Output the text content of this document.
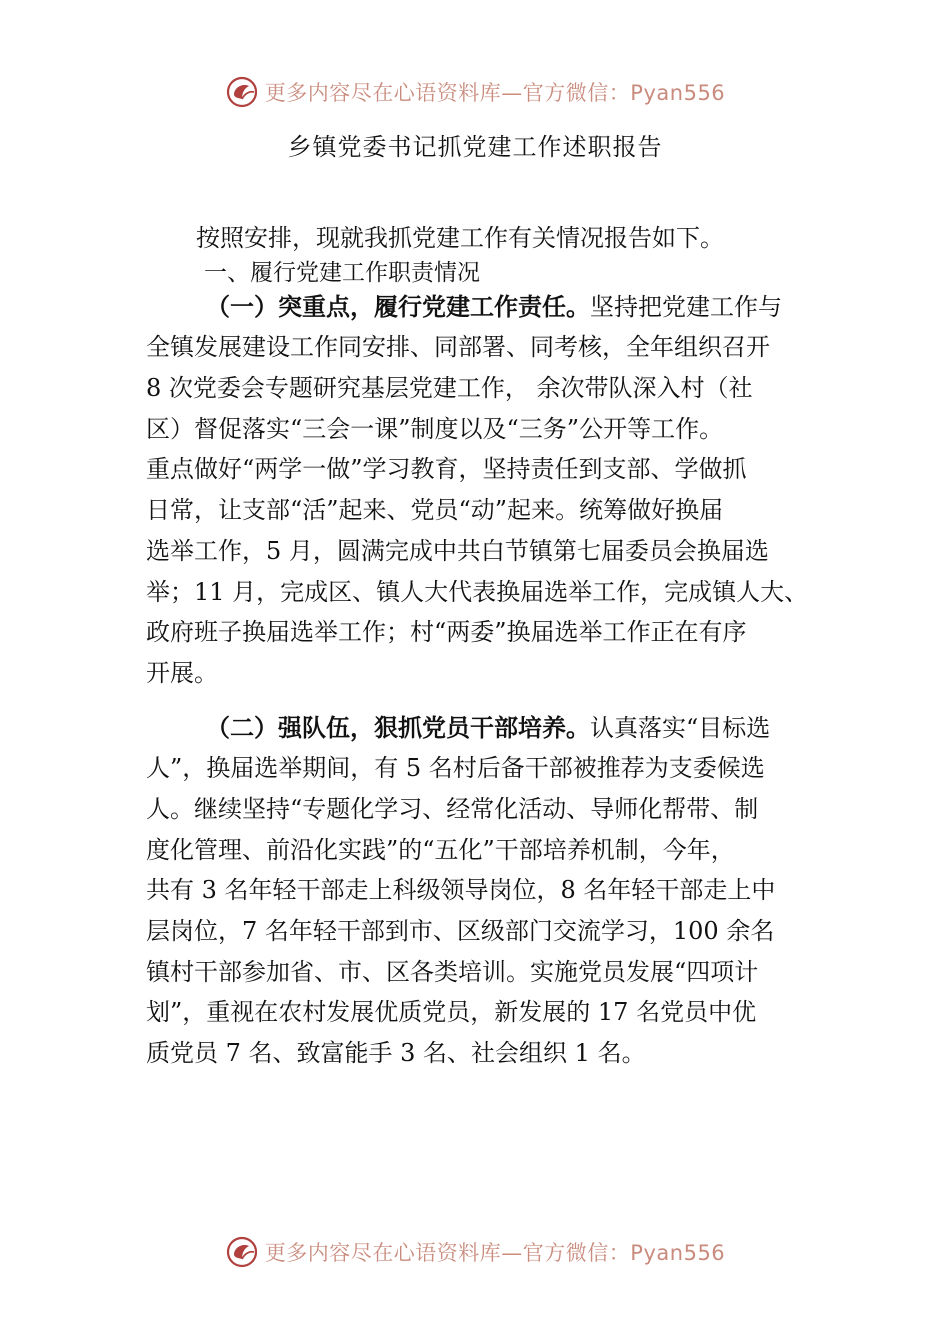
更多内容尽在心语资料库—官方微信：Pyan556
乡镇党委书记抓党建工作述职报告
按照安排，现就我抓党建工作有关情况报告如下。
一、履行党建工作职责情况
（一）突重点，履行党建工作责任。坚持把党建工作与
全镇发展建设工作同安排、同部署、同考核，全年组织召开
8 次党委会专题研究基层党建工作， 余次带队深入村（社
区）督促落实“三会一课”制度以及“三务”公开等工作。
重点做好“两学一做”学习教育，坚持责任到支部、学做抓
日常，让支部“活”起来、党员“动”起来。统筹做好换届
选举工作，5 月，圆满完成中共白节镇第七届委员会换届选
举；11 月，完成区、镇人大代表换届选举工作，完成镇人大、
政府班子换届选举工作；村“两委”换届选举工作正在有序
开展。
（二）强队伍，狠抓党员干部培养。认真落实“目标选
人”，换届选举期间，有 5 名村后备干部被推荐为支委候选
人。继续坚持“专题化学习、经常化活动、导师化帮带、制
度化管理、前沿化实践”的“五化”干部培养机制，今年，
共有 3 名年轻干部走上科级领导岗位，8 名年轻干部走上中
层岗位，7 名年轻干部到市、区级部门交流学习，100 余名
镇村干部参加省、市、区各类培训。实施党员发展“四项计
划”，重视在农村发展优质党员，新发展的 17 名党员中优
质党员 7 名、致富能手 3 名、社会组织 1 名。
更多内容尽在心语资料库—官方微信：Pyan556
